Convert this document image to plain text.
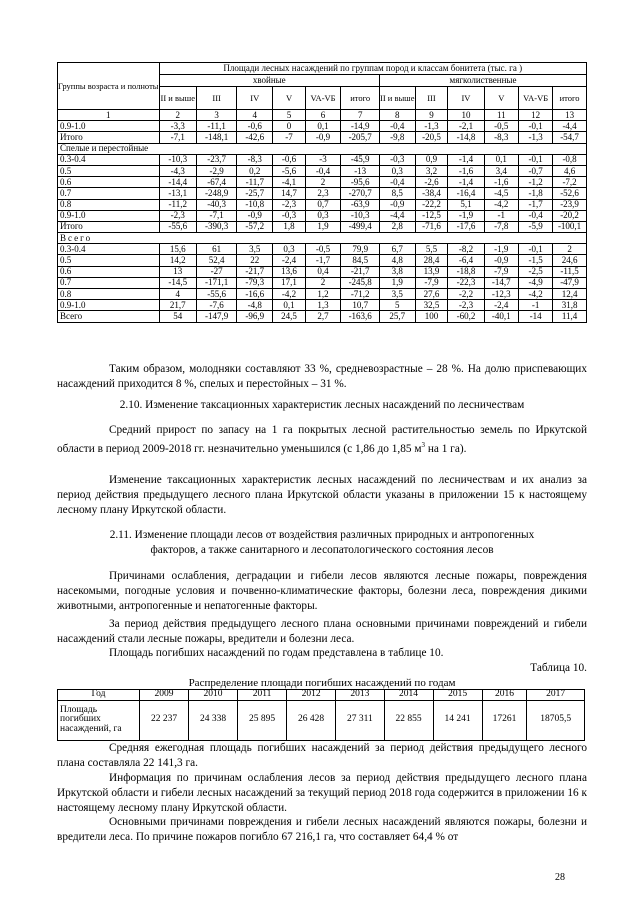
Группы возраста и полноты	Площади лесных насаждений по группам пород и классам бонитета (тыс. га )											
	хвойные						мягколиственные					
	II и выше	III	IV	V	VA-VБ	итого	II и выше	III	IV	V	VA-VБ	итого
1	2	3	4	5	6	7	8	9	10	11	12	13
0.9-1.0	-3,3	-11,1	-0,6	0	0,1	-14,9	-0,4	-1,3	-2,1	-0,5	-0,1	-4,4
Итого	-7,1	-148,1	-42,6	-7	-0,9	-205,7	-9,8	-20,5	-14,8	-8,3	-1,3	-54,7
Спелые и перестойные												
0.3-0.4	-10,3	-23,7	-8,3	-0,6	-3	-45,9	-0,3	0,9	-1,4	0,1	-0,1	-0,8
0.5	-4,3	-2,9	0,2	-5,6	-0,4	-13	0,3	3,2	-1,6	3,4	-0,7	4,6
0.6	-14,4	-67,4	-11,7	-4,1	2	-95,6	-0,4	-2,6	-1,4	-1,6	-1,2	-7,2
0.7	-13,1	-248,9	-25,7	14,7	2,3	-270,7	8,5	-38,4	-16,4	-4,5	-1,8	-52,6
0.8	-11,2	-40,3	-10,8	-2,3	0,7	-63,9	-0,9	-22,2	5,1	-4,2	-1,7	-23,9
0.9-1.0	-2,3	-7,1	-0,9	-0,3	0,3	-10,3	-4,4	-12,5	-1,9	-1	-0,4	-20,2
Итого	-55,6	-390,3	-57,2	1,8	1,9	-499,4	2,8	-71,6	-17,6	-7,8	-5,9	-100,1
Всего												
0.3-0.4	15,6	61	3,5	0,3	-0,5	79,9	6,7	5,5	-8,2	-1,9	-0,1	2
0.5	14,2	52,4	22	-2,4	-1,7	84,5	4,8	28,4	-6,4	-0,9	-1,5	24,6
0.6	13	-27	-21,7	13,6	0,4	-21,7	3,8	13,9	-18,8	-7,9	-2,5	-11,5
0.7	-14,5	-171,1	-79,3	17,1	2	-245,8	1,9	-7,9	-22,3	-14,7	-4,9	-47,9
0.8	4	-55,6	-16,6	-4,2	1,2	-71,2	3,5	27,6	-2,2	-12,3	-4,2	12,4
0.9-1.0	21,7	-7,6	-4,8	0,1	1,3	10,7	5	32,5	-2,3	-2,4	-1	31,8
Всего	54	-147,9	-96,9	24,5	2,7	-163,6	25,7	100	-60,2	-40,1	-14	11,4

Таким образом, молодняки составляют 33 %, средневозрастные – 28 %. На долю приспевающих насаждений приходится 8 %, спелых и перестойных – 31 %.

2.10. Изменение таксационных характеристик лесных насаждений по лесничествам

Средний прирост по запасу на 1 га покрытых лесной растительностью земель по Иркутской области в период 2009-2018 гг. незначительно уменьшился (с 1,86 до 1,85 $м^3$ на 1 га).

Изменение таксационных характеристик лесных насаждений по лесничествам и их анализ за период действия предыдущего лесного плана Иркутской области указаны в приложении 15 к настоящему лесному плану Иркутской области.

2.11. Изменение площади лесов от воздействия различных природных и антропогенных факторов, а также санитарного и лесопатологического состояния лесов

Причинами ослабления, деградации и гибели лесов являются лесные пожары, повреждения насекомыми, погодные условия и почвенно-климатические факторы, болезни леса, повреждения дикими животными, антропогенные и непатогенные факторы.

За период действия предыдущего лесного плана основными причинами повреждений и гибели насаждений стали лесные пожары, вредители и болезни леса.

Площадь погибших насаждений по годам представлена в таблице 10.

Таблица 10.

Распределение площади погибших насаждений по годам

Год	2009	2010	2011	2012	2013	2014	2015	2016	2017
Площадь погибших насаждений, га	22 237	24 338	25 895	26 428	27 311	22 855	14 241	17261	18705,5

Средняя ежегодная площадь погибших насаждений за период действия предыдущего лесного плана составляла 22 141,3 га.

Информация по причинам ослабления лесов за период действия предыдущего лесного плана Иркутской области и гибели лесных насаждений за текущий период 2018 года содержится в приложении 16 к настоящему лесному плану Иркутской области.

Основными причинами повреждения и гибели лесных насаждений являются пожары, болезни и вредители леса. По причине пожаров погибло 67 216,1 га, что составляет 64,4 % от

28
